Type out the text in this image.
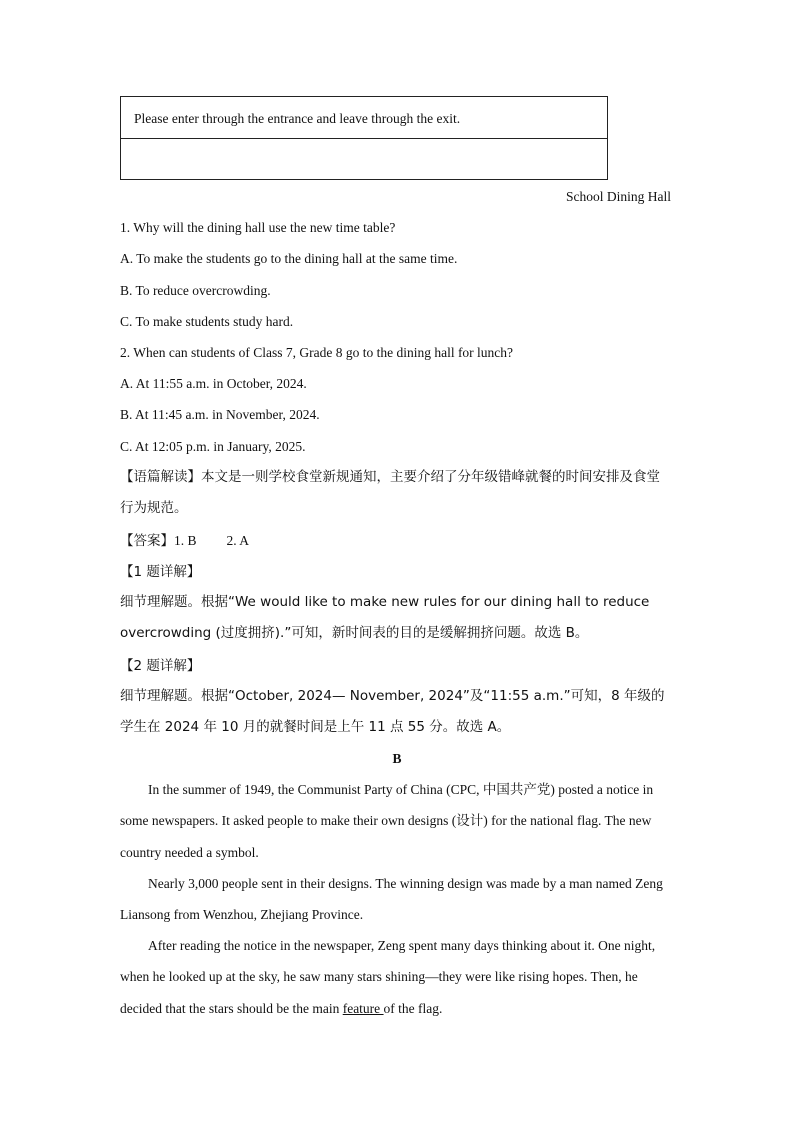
Please enter through the entrance and leave through the exit.
School Dining Hall
1. Why will the dining hall use the new time table?
A. To make the students go to the dining hall at the same time.
B. To reduce overcrowding.
C. To make students study hard.
2. When can students of Class 7, Grade 8 go to the dining hall for lunch?
A. At 11:55 a.m. in October, 2024.
B. At 11:45 a.m. in November, 2024.
C. At 12:05 p.m. in January, 2025.
【语篇解读】本文是一则学校食堂新规通知，主要介绍了分年级错峰就餐的时间安排及食堂行为规范。
【答案】1. B 2. A
【1 题详解】
细节理解题。根据“We would like to make new rules for our dining hall to reduce overcrowding (过度拥挤).”可知，新时间表的目的是缓解拥挤问题。故选 B。
【2 题详解】
细节理解题。根据“October, 2024— November, 2024”及“11:55 a.m.”可知，8 年级的学生在 2024 年 10 月的就餐时间是上午 11 点 55 分。故选 A。
B
In the summer of 1949, the Communist Party of China (CPC, 中国共产党) posted a notice in some newspapers. It asked people to make their own designs (设计) for the national flag. The new country needed a symbol.
Nearly 3,000 people sent in their designs. The winning design was made by a man named Zeng Liansong from Wenzhou, Zhejiang Province.
After reading the notice in the newspaper, Zeng spent many days thinking about it. One night, when he looked up at the sky, he saw many stars shining—they were like rising hopes. Then, he decided that the stars should be the main feature of the flag.
